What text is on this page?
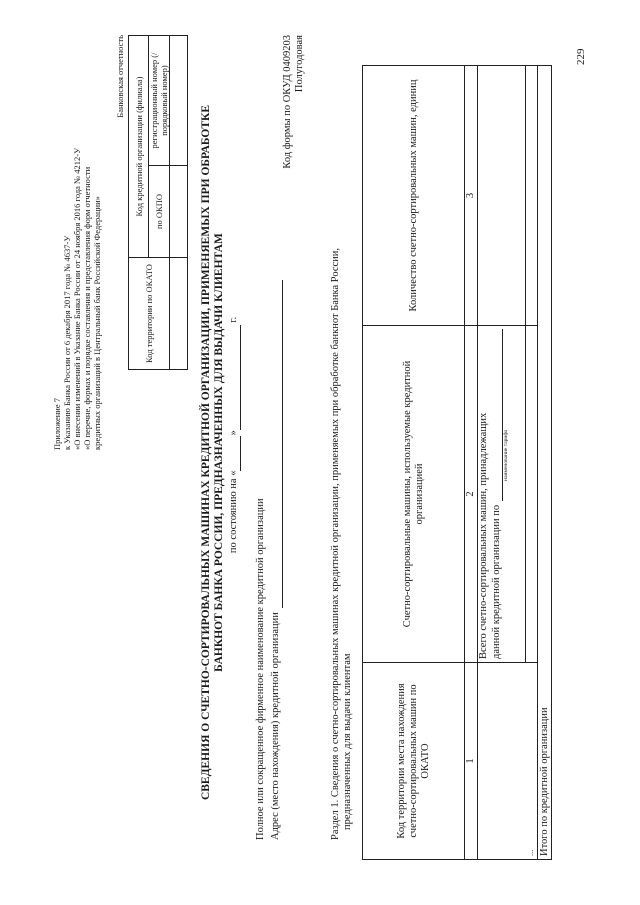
229
Приложение 7 к Указанию Банка России от 6 декабря 2017 года № 4637-У «О внесении изменений в Указание Банка России от 24 ноября 2016 года № 4212-У «О перечне, формах и порядке составления и представления форм отчетности кредитных организаций в Центральный банк Российской Федерации»
Банковская отчетность
Код территории по ОКАТО	Код кредитной организации (филиала)	
	по ОКПО	регистрационный номер (/порядковый номер)

СВЕДЕНИЯ О СЧЕТНО-СОРТИРОВАЛЬНЫХ МАШИНАХ КРЕДИТНОЙ ОРГАНИЗАЦИИ, ПРИМЕНЯЕМЫХ ПРИ ОБРАБОТКЕ БАНКНОТ БАНКА РОССИИ, ПРЕДНАЗНАЧЕННЫХ ДЛЯ ВЫДАЧИ КЛИЕНТАМ по состоянию на « »  г.
Полное или сокращенное фирменное наименование кредитной организации Адрес (место нахождения) кредитной организации

Код формы по ОКУД 0409203 Полугодовая
Раздел 1. Сведения о счетно-сортировальных машинах кредитной организации, применяемых при обработке банкнот Банка России, предназначенных для выдачи клиентам	Код территории места нахождения счетно-сортировальных машин по ОКАТО	Счетно-сортировальные машины, используемые кредитной организацией	Количество счетно-сортировальных машин, единиц
1	2	3
...	Всего счетно-сортировальных машин, принадлежащих данной кредитной организации по

наименование тарифа	

Итого по кредитной организации		
